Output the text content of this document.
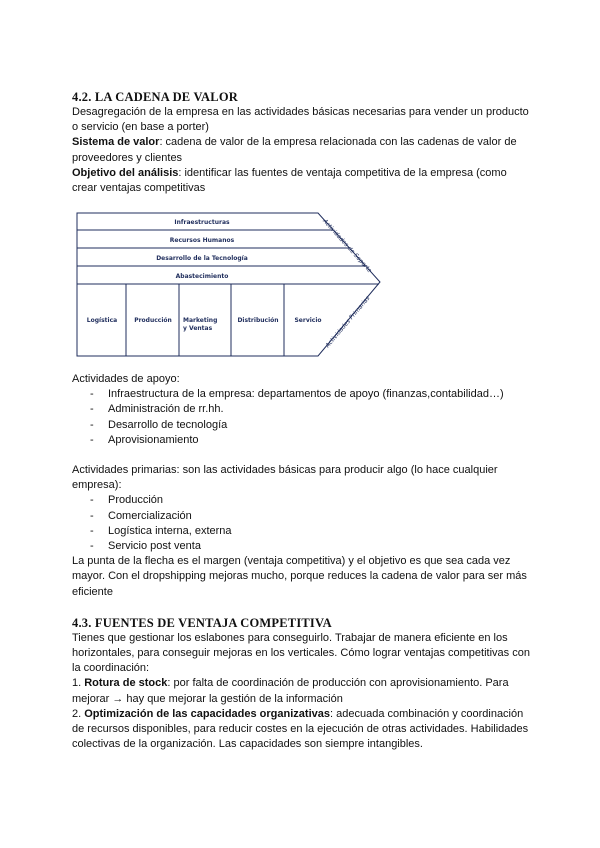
4.2. LA CADENA DE VALOR

Desagregación de la empresa en las actividades básicas necesarias para vender un producto o servicio (en base a porter)

Sistema de valor: cadena de valor de la empresa relacionada con las cadenas de valor de proveedores y clientes

Objetivo del análisis: identificar las fuentes de ventaja competitiva de la empresa (como crear ventajas competitivas

Infraestructuras
Recursos Humanos
Desarrollo de la Tecnología
Abastecimiento
Logística	Producción Marketing
y Ventas
Distribución	Servicio
Actividades de Soporte
Actividades Primarias

Actividades de apoyo:

- Infraestructura de la empresa: departamentos de apoyo (finanzas,contabilidad…)
- Administración de rr.hh.
- Desarrollo de tecnología
- Aprovisionamiento

Actividades primarias: son las actividades básicas para producir algo (lo hace cualquier empresa):

- Producción
- Comercialización
- Logística interna, externa
- Servicio post venta

La punta de la flecha es el margen (ventaja competitiva) y el objetivo es que sea cada vez mayor. Con el dropshipping mejoras mucho, porque reduces la cadena de valor para ser más eficiente

4.3. FUENTES DE VENTAJA COMPETITIVA

Tienes que gestionar los eslabones para conseguirlo. Trabajar de manera eficiente en los horizontales, para conseguir mejoras en los verticales. Cómo lograr ventajas competitivas con la coordinación:

1. Rotura de stock: por falta de coordinación de producción con aprovisionamiento. Para mejorar → hay que mejorar la gestión de la información

2. Optimización de las capacidades organizativas: adecuada combinación y coordinación de recursos disponibles, para reducir costes en la ejecución de otras actividades. Habilidades colectivas de la organización. Las capacidades son siempre intangibles.
